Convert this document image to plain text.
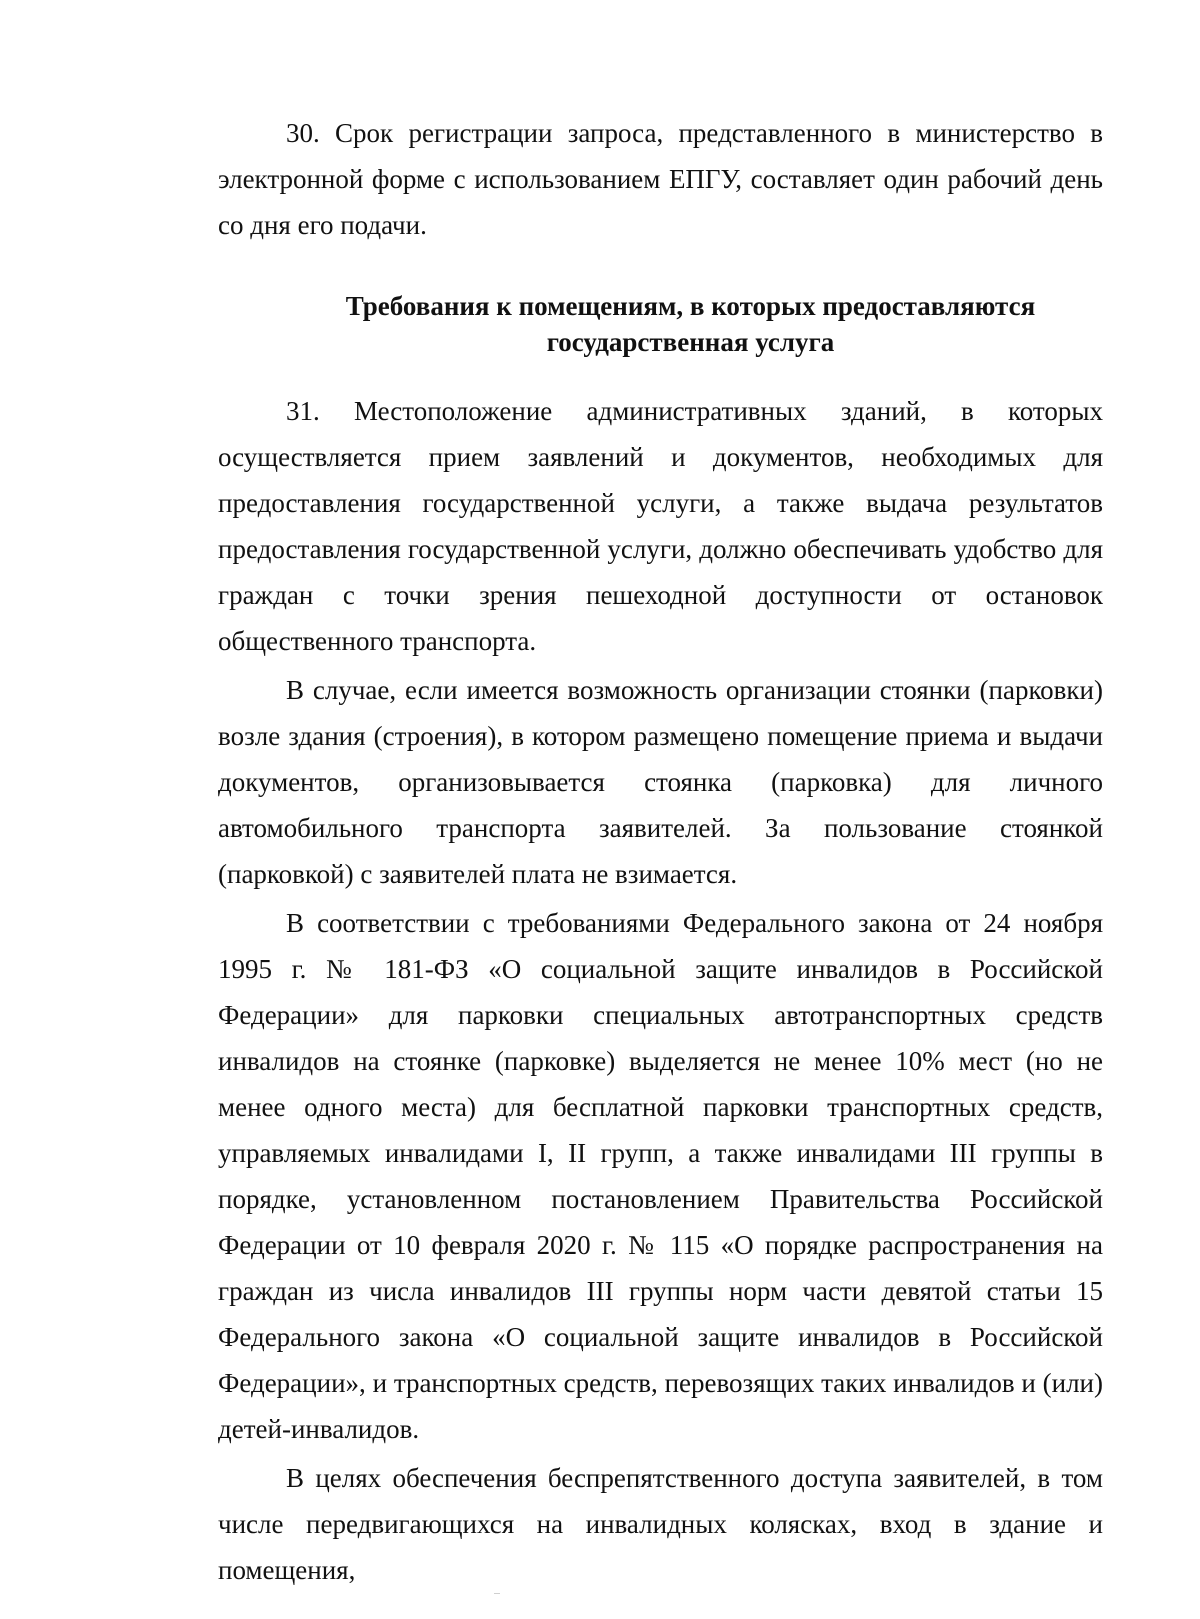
30. Срок регистрации запроса, представленного в министерство в электронной форме с использованием ЕПГУ, составляет один рабочий день со дня его подачи.

Требования к помещениям, в которых предоставляются
государственная услуга

31. Местоположение административных зданий, в которых осуществляется прием заявлений и документов, необходимых для предоставления государственной услуги, а также выдача результатов предоставления государственной услуги, должно обеспечивать удобство для граждан с точки зрения пешеходной доступности от остановок общественного транспорта.

В случае, если имеется возможность организации стоянки (парковки) возле здания (строения), в котором размещено помещение приема и выдачи документов, организовывается стоянка (парковка) для личного автомобильного транспорта заявителей. За пользование стоянкой (парковкой) с заявителей плата не взимается.

В соответствии с требованиями Федерального закона от 24 ноября 1995 г. № 181-ФЗ «О социальной защите инвалидов в Российской Федерации» для парковки специальных автотранспортных средств инвалидов на стоянке (парковке) выделяется не менее 10% мест (но не менее одного места) для бесплатной парковки транспортных средств, управляемых инвалидами I, II групп, а также инвалидами III группы в порядке, установленном постановлением Правительства Российской Федерации от 10 февраля 2020 г. № 115 «О порядке распространения на граждан из числа инвалидов III группы норм части девятой статьи 15 Федерального закона «О социальной защите инвалидов в Российской Федерации», и транспортных средств, перевозящих таких инвалидов и (или) детей-инвалидов.

В целях обеспечения беспрепятственного доступа заявителей, в том числе передвигающихся на инвалидных колясках, вход в здание и помещения,
